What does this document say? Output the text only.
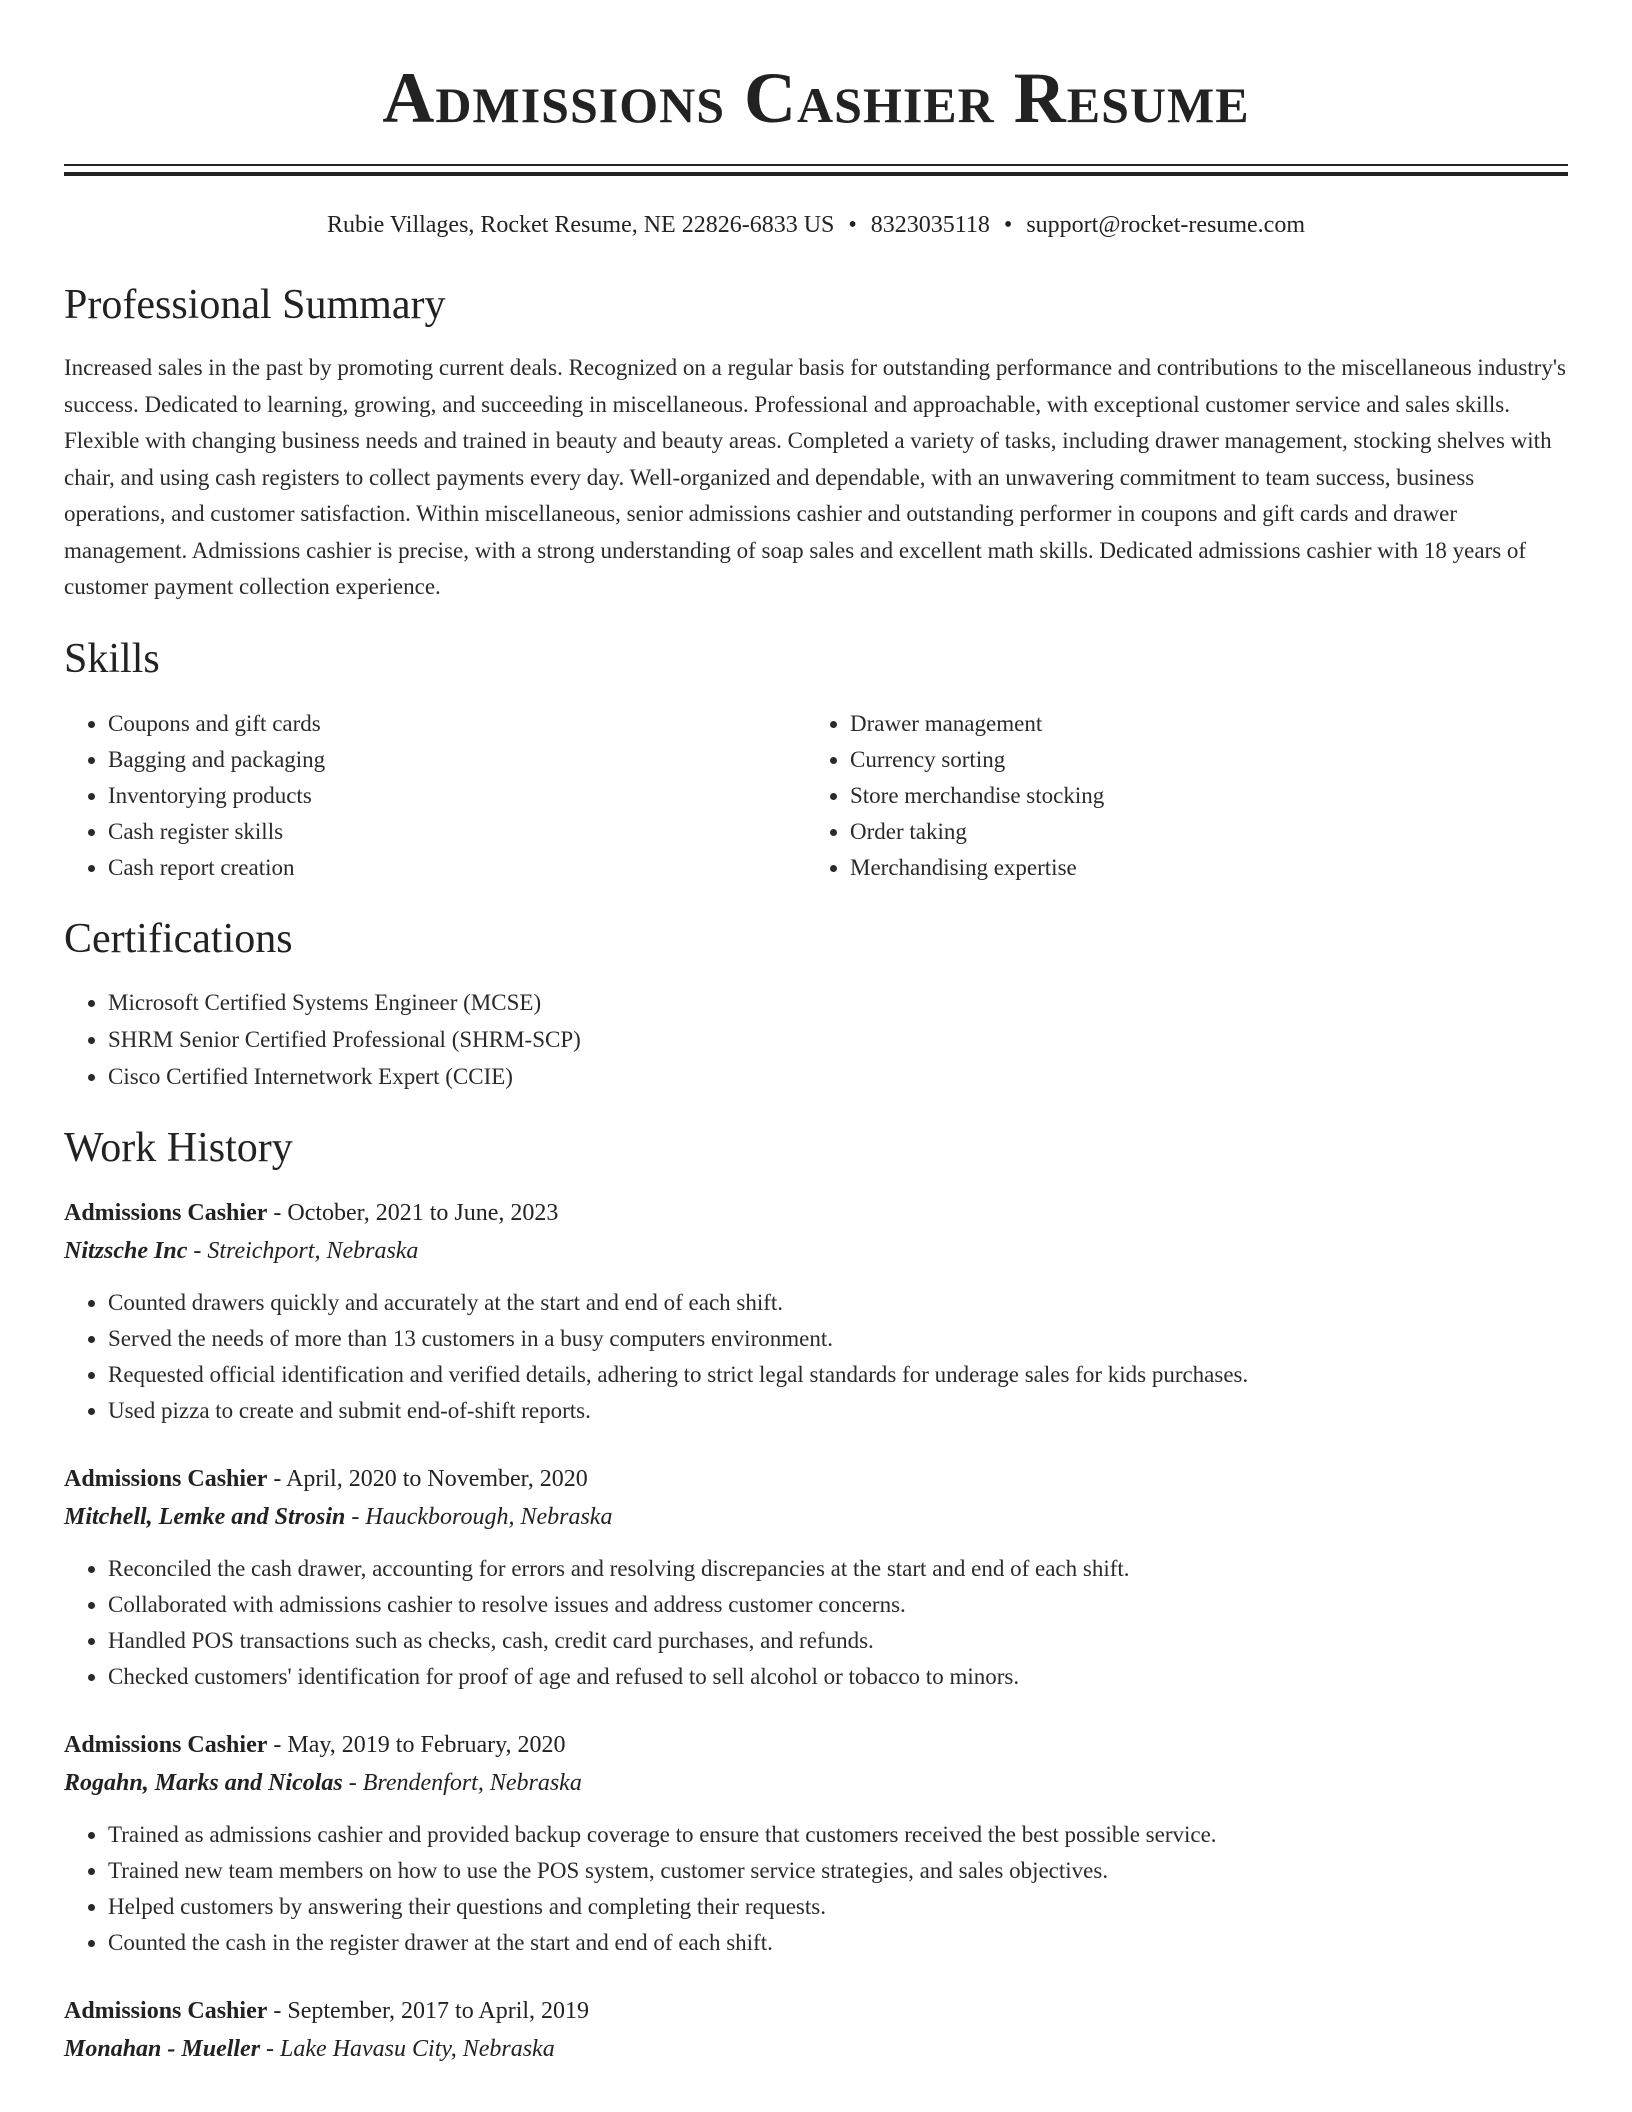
Admissions Cashier Resume
Rubie Villages, Rocket Resume, NE 22826-6833 US • 8323035118 • support@rocket-resume.com
Professional Summary

Increased sales in the past by promoting current deals. Recognized on a regular basis for outstanding performance and contributions to the miscellaneous industry's success. Dedicated to learning, growing, and succeeding in miscellaneous. Professional and approachable, with exceptional customer service and sales skills. Flexible with changing business needs and trained in beauty and beauty areas. Completed a variety of tasks, including drawer management, stocking shelves with chair, and using cash registers to collect payments every day. Well-organized and dependable, with an unwavering commitment to team success, business operations, and customer satisfaction. Within miscellaneous, senior admissions cashier and outstanding performer in coupons and gift cards and drawer management. Admissions cashier is precise, with a strong understanding of soap sales and excellent math skills. Dedicated admissions cashier with 18 years of customer payment collection experience.

Skills
• Coupons and gift cards
• Bagging and packaging
• Inventorying products
• Cash register skills
• Cash report creation
• Drawer management
• Currency sorting
• Store merchandise stocking
• Order taking
• Merchandising expertise
Certifications
• Microsoft Certified Systems Engineer (MCSE)
• SHRM Senior Certified Professional (SHRM-SCP)
• Cisco Certified Internetwork Expert (CCIE)
Work History
Admissions Cashier - October, 2021 to June, 2023
Nitzsche Inc - Streichport, Nebraska
• Counted drawers quickly and accurately at the start and end of each shift.
• Served the needs of more than 13 customers in a busy computers environment.
• Requested official identification and verified details, adhering to strict legal standards for underage sales for kids purchases.
• Used pizza to create and submit end-of-shift reports.
Admissions Cashier - April, 2020 to November, 2020
Mitchell, Lemke and Strosin - Hauckborough, Nebraska
• Reconciled the cash drawer, accounting for errors and resolving discrepancies at the start and end of each shift.
• Collaborated with admissions cashier to resolve issues and address customer concerns.
• Handled POS transactions such as checks, cash, credit card purchases, and refunds.
• Checked customers' identification for proof of age and refused to sell alcohol or tobacco to minors.
Admissions Cashier - May, 2019 to February, 2020
Rogahn, Marks and Nicolas - Brendenfort, Nebraska
• Trained as admissions cashier and provided backup coverage to ensure that customers received the best possible service.
• Trained new team members on how to use the POS system, customer service strategies, and sales objectives.
• Helped customers by answering their questions and completing their requests.
• Counted the cash in the register drawer at the start and end of each shift.
Admissions Cashier - September, 2017 to April, 2019
Monahan - Mueller - Lake Havasu City, Nebraska
